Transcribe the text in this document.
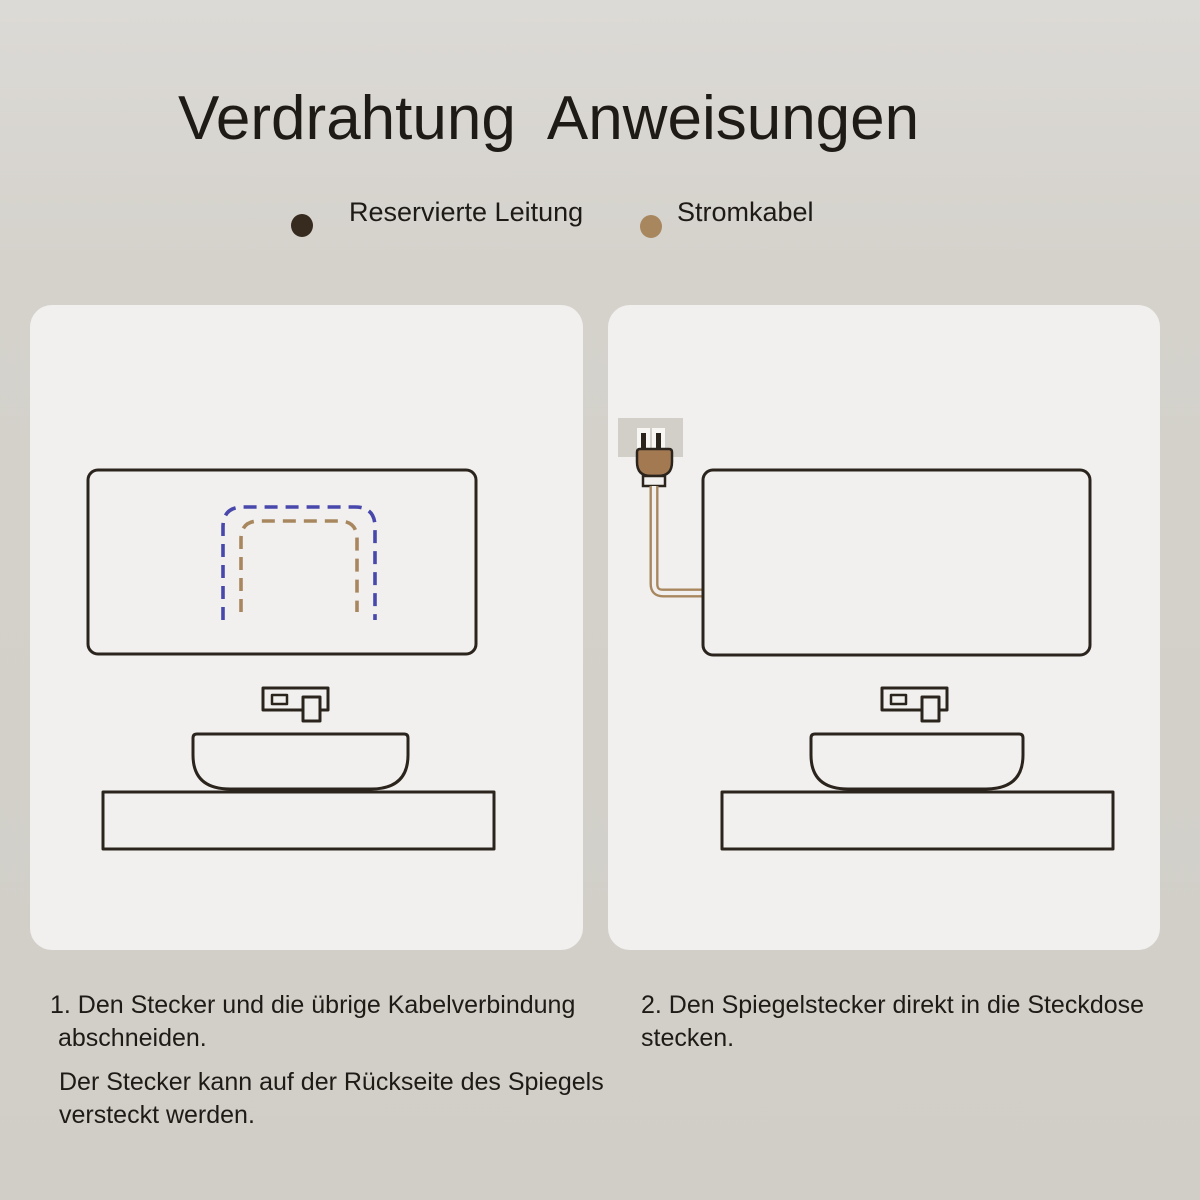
Verdrahtung  Anweisungen
Reservierte Leitung	Stromkabel
1. Den Stecker und die übrige Kabelverbindung
abschneiden.
Der Stecker kann auf der Rückseite des Spiegels
versteckt werden.
2. Den Spiegelstecker direkt in die Steckdose stecken.
